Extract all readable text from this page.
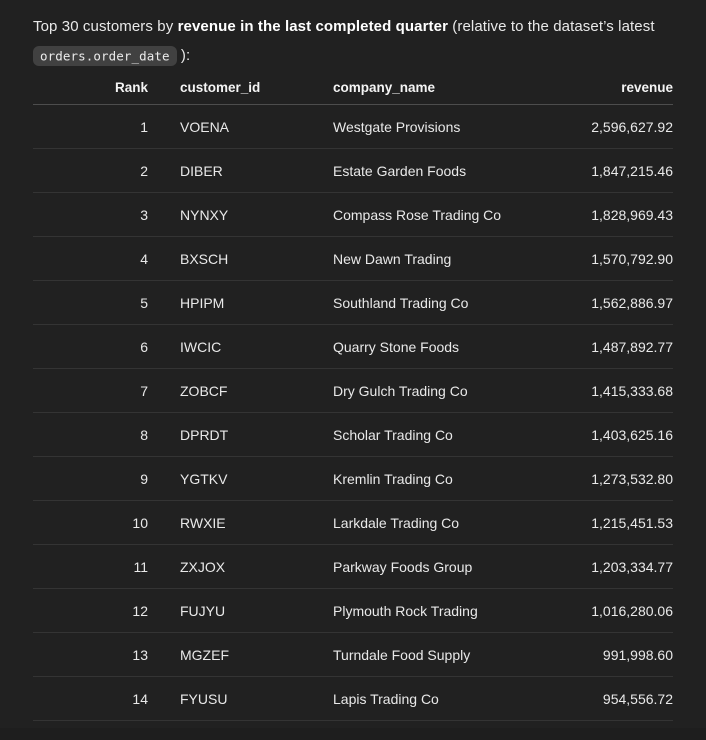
Top 30 customers by revenue in the last completed quarter (relative to the dataset’s latest orders.order_date ):

Rank	customer_id	company_name	revenue
1	VOENA	Westgate Provisions	2,596,627.92
2	DIBER	Estate Garden Foods	1,847,215.46
3	NYNXY	Compass Rose Trading Co	1,828,969.43
4	BXSCH	New Dawn Trading	1,570,792.90
5	HPIPM	Southland Trading Co	1,562,886.97
6	IWCIC	Quarry Stone Foods	1,487,892.77
7	ZOBCF	Dry Gulch Trading Co	1,415,333.68
8	DPRDT	Scholar Trading Co	1,403,625.16
9	YGTKV	Kremlin Trading Co	1,273,532.80
10	RWXIE	Larkdale Trading Co	1,215,451.53
11	ZXJOX	Parkway Foods Group	1,203,334.77
12	FUJYU	Plymouth Rock Trading	1,016,280.06
13	MGZEF	Turndale Food Supply	991,998.60
14	FYUSU	Lapis Trading Co	954,556.72
